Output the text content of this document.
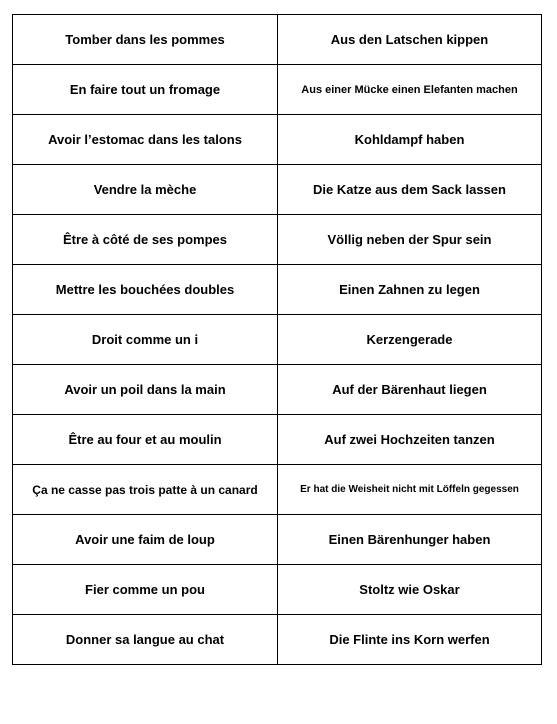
Tomber dans les pommes	Aus den Latschen kippen
En faire tout un fromage	Aus einer Mücke einen Elefanten machen
Avoir l’estomac dans les talons	Kohldampf haben
Vendre la mèche	Die Katze aus dem Sack lassen
Être à côté de ses pompes	Völlig neben der Spur sein
Mettre les bouchées doubles	Einen Zahnen zu legen
Droit comme un i	Kerzengerade
Avoir un poil dans la main	Auf der Bärenhaut liegen
Être au four et au moulin	Auf zwei Hochzeiten tanzen
Ça ne casse pas trois patte à un canard	Er hat die Weisheit nicht mit Löffeln gegessen
Avoir une faim de loup	Einen Bärenhunger haben
Fier comme un pou	Stoltz wie Oskar
Donner sa langue au chat	Die Flinte ins Korn werfen
